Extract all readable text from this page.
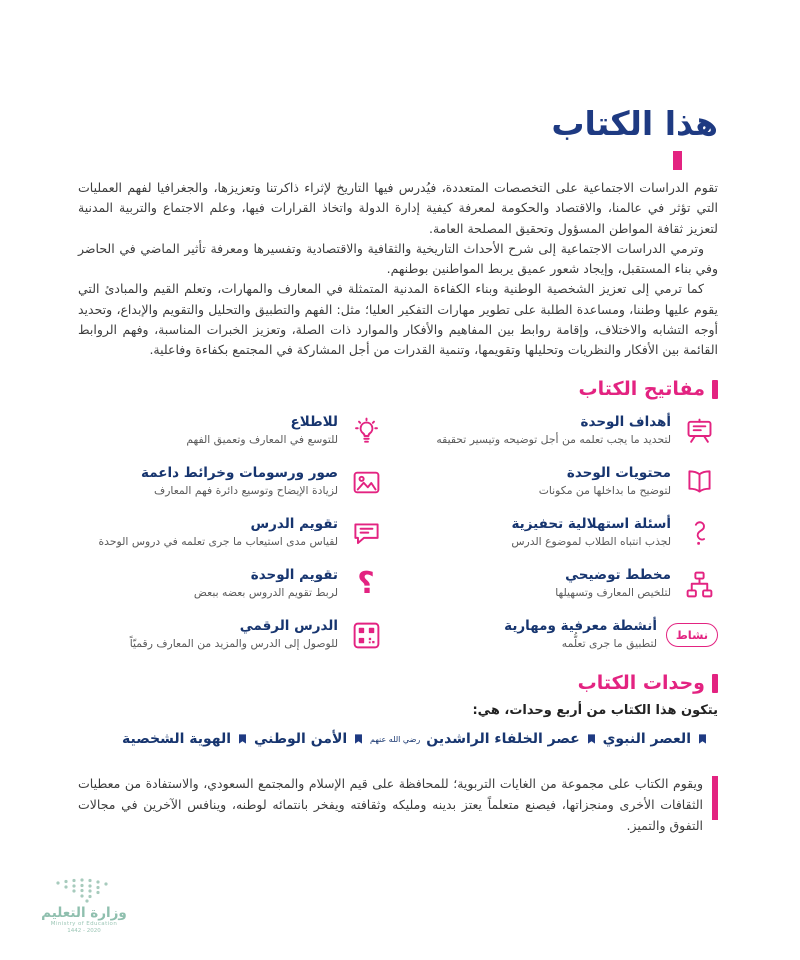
هذا الكتاب

تقوم الدراسات الاجتماعية على التخصصات المتعددة، فيُدرس فيها التاريخ لإثراء ذاكرتنا وتعزيزها، والجغرافيا لفهم العمليات التي تؤثر في عالمنا، والاقتصاد والحكومة لمعرفة كيفية إدارة الدولة واتخاذ القرارات فيها، وعلم الاجتماع والتربية المدنية لتعزيز ثقافة المواطن المسؤول وتحقيق المصلحة العامة.

وترمي الدراسات الاجتماعية إلى شرح الأحداث التاريخية والثقافية والاقتصادية وتفسيرها ومعرفة تأثير الماضي في الحاضر وفي بناء المستقبل، وإيجاد شعور عميق يربط المواطنين بوطنهم.

كما ترمي إلى تعزيز الشخصية الوطنية وبناء الكفاءة المدنية المتمثلة في المعارف والمهارات، وتعلم القيم والمبادئ التي يقوم عليها وطننا، ومساعدة الطلبة على تطوير مهارات التفكير العليا؛ مثل: الفهم والتطبيق والتحليل والتقويم والإبداع، وتحديد أوجه التشابه والاختلاف، وإقامة روابط بين المفاهيم والأفكار والموارد ذات الصلة، وتعزيز الخبرات المناسبة، وفهم الروابط القائمة بين الأفكار والنظريات وتحليلها وتقويمها، وتنمية القدرات من أجل المشاركة في المجتمع بكفاءة وفاعلية.

مفاتيح الكتاب
أهداف الوحدة
لتحديد ما يجب تعلمه من أجل توضيحه وتيسير تحقيقه
محتويات الوحدة
لتوضيح ما بداخلها من مكونات
أسئلة استهلالية تحفيزية
لجذب انتباه الطلاب لموضوع الدرس
مخطط توضيحي
لتلخيص المعارف وتسهيلها
نشاط
أنشطة معرفية ومهارية
لتطبيق ما جرى تعلُّمه
للاطلاع
للتوسع في المعارف وتعميق الفهم
صور ورسومات وخرائط داعمة
لزيادة الإيضاح وتوسيع دائرة فهم المعارف
تقويم الدرس
لقياس مدى استيعاب ما جرى تعلمه في دروس الوحدة
؟
تقويم الوحدة
لربط تقويم الدروس بعضه ببعض
الدرس الرقمي
للوصول إلى الدرس والمزيد من المعارف رقميّاً
وحدات الكتاب

يتكون هذا الكتاب من أربع وحدات، هي:

العصر النبوي
عصر الخلفاء الراشدين
رضي الله عنهم
الأمن الوطني
الهوية الشخصية

ويقوم الكتاب على مجموعة من الغايات التربوية؛ للمحافظة على قيم الإسلام والمجتمع السعودي، والاستفادة من معطيات الثقافات الأخرى ومنجزاتها، فيصنع متعلماً يعتز بدينه ومليكه وثقافته ويفخر بانتمائه لوطنه، وينافس الآخرين في مجالات التفوق والتميز.

وزارة التعليم
Ministry of Education
1442 - 2020
